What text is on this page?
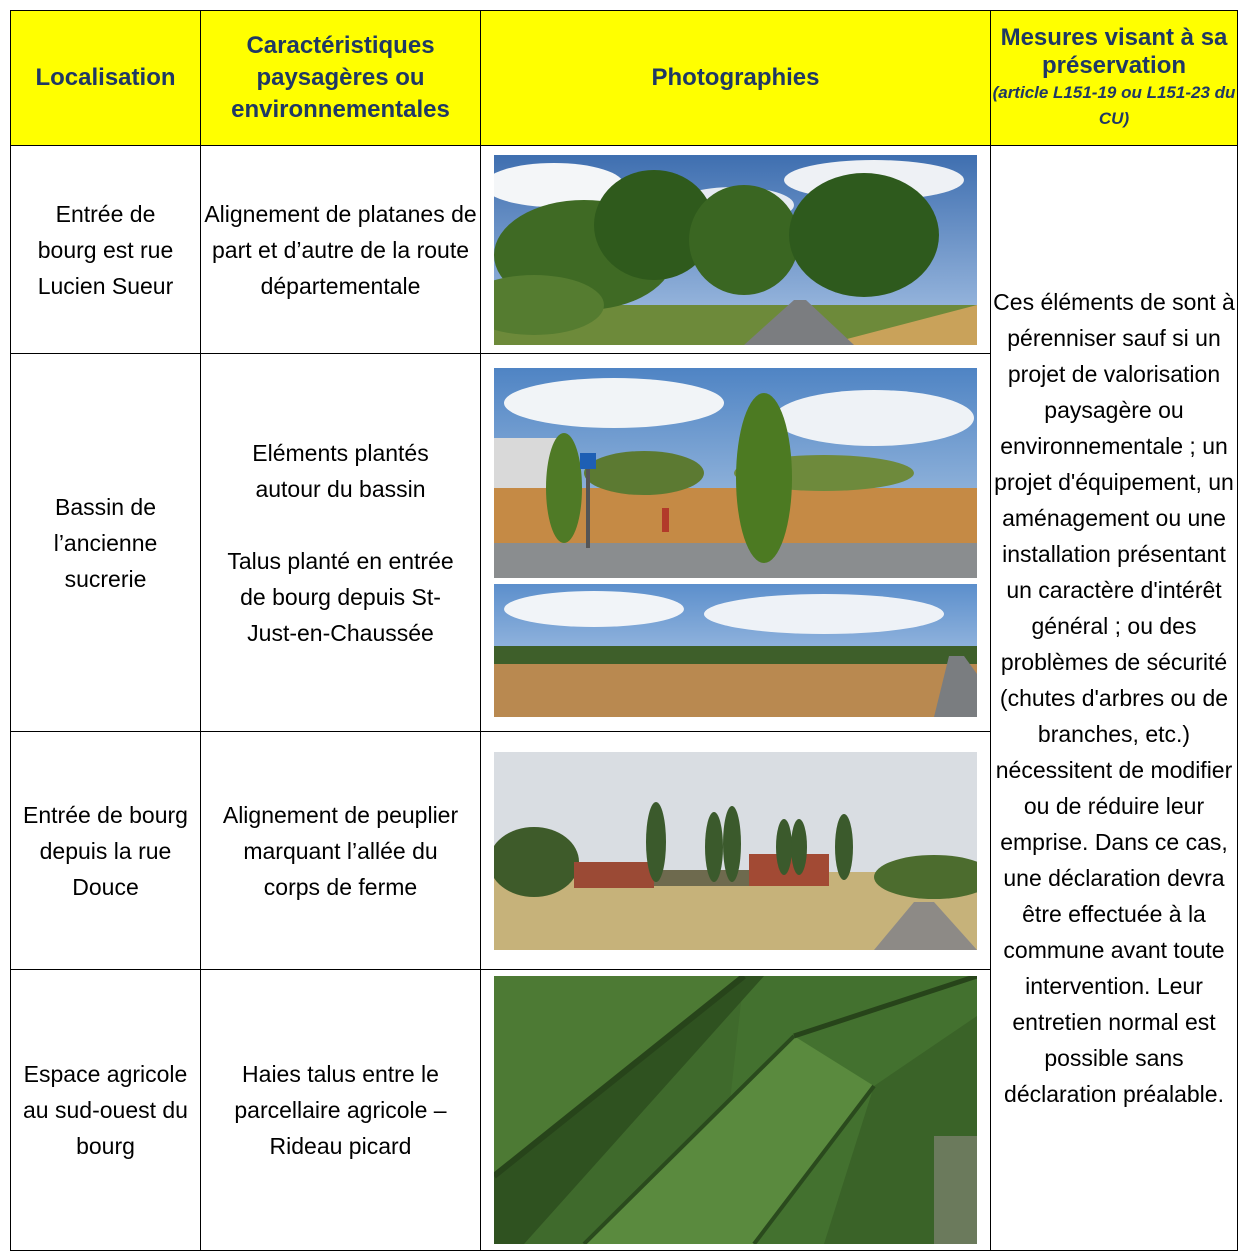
Localisation	Caractéristiques paysagères ou environnementales	Photographies	Mesures visant à sa préservation
(article L151-19 ou L151-23 du CU)

Entrée de bourg est rue Lucien Sueur	Alignement de platanes de part et d’autre de la route départementale		Ces éléments de sont à pérenniser sauf si un projet de valorisation paysagère ou environnementale ; un projet d'équipement, un aménagement ou une installation présentant un caractère d'intérêt général ; ou des problèmes de sécurité (chutes d'arbres ou de branches, etc.) nécessitent de modifier ou de réduire leur emprise. Dans ce cas, une déclaration devra être effectuée à la commune avant toute intervention. Leur entretien normal est possible sans déclaration préalable.

Bassin de l’ancienne sucrerie	Eléments plantés autour du bassin
Talus planté en entrée de bourg depuis St-Just-en-Chaussée

Entrée de bourg depuis la rue Douce	Alignement de peuplier marquant l’allée du corps de ferme

Espace agricole au sud-ouest du bourg	Haies talus entre le parcellaire agricole – Rideau picard	
